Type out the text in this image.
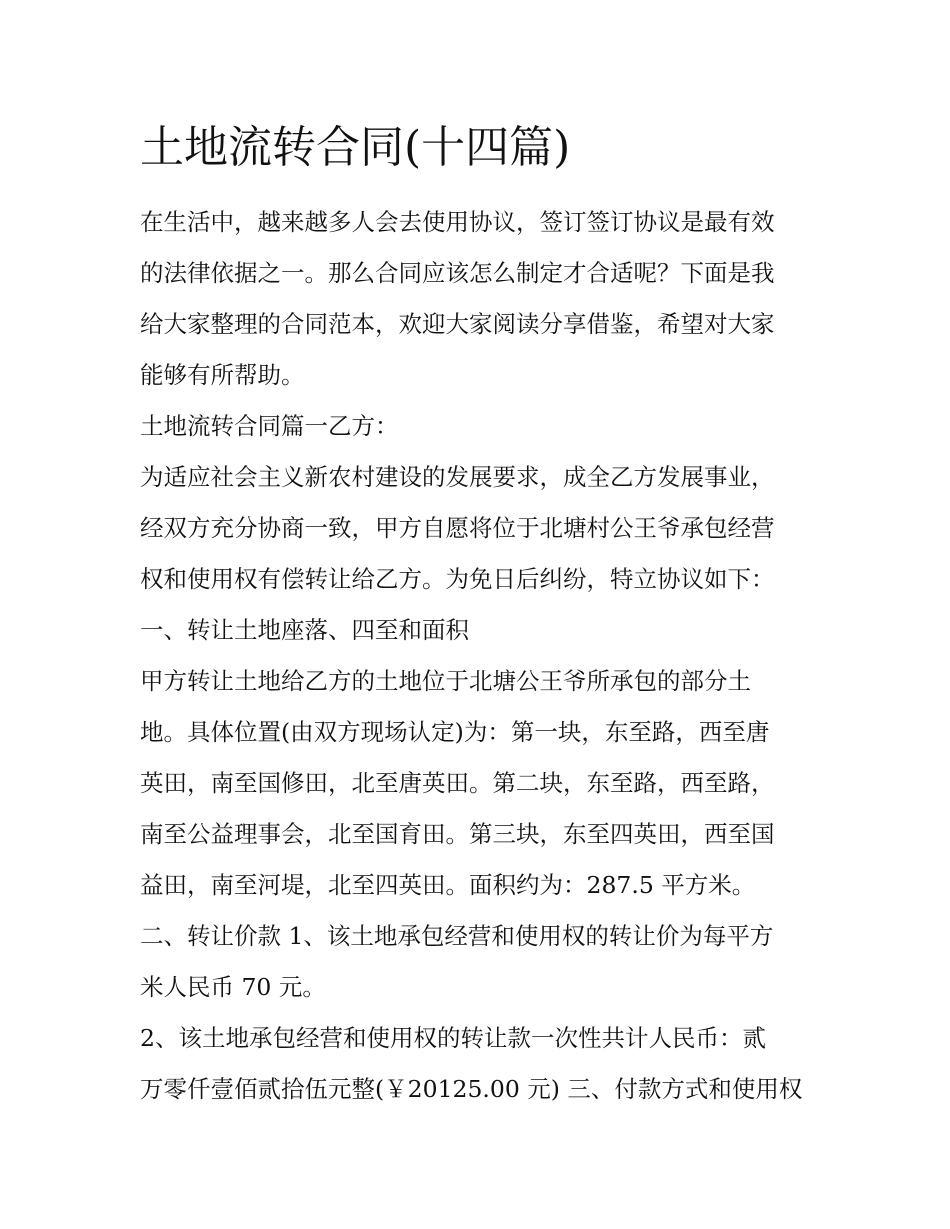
土地流转合同(十四篇)

在生活中，越来越多人会去使用协议，签订签订协议是最有效

的法律依据之一。那么合同应该怎么制定才合适呢？下面是我

给大家整理的合同范本，欢迎大家阅读分享借鉴，希望对大家

能够有所帮助。

土地流转合同篇一乙方：

为适应社会主义新农村建设的发展要求，成全乙方发展事业，

经双方充分协商一致，甲方自愿将位于北塘村公王爷承包经营

权和使用权有偿转让给乙方。为免日后纠纷，特立协议如下：

一、转让土地座落、四至和面积

甲方转让土地给乙方的土地位于北塘公王爷所承包的部分土

地。具体位置(由双方现场认定)为：第一块，东至路，西至唐

英田，南至国修田，北至唐英田。第二块，东至路，西至路，

南至公益理事会，北至国育田。第三块，东至四英田，西至国

益田，南至河堤，北至四英田。面积约为：287.5 平方米。

二、转让价款 1、该土地承包经营和使用权的转让价为每平方

米人民币 70 元。

2、该土地承包经营和使用权的转让款一次性共计人民币：贰

万零仟壹佰贰拾伍元整(￥20125.00 元) 三、付款方式和使用权
